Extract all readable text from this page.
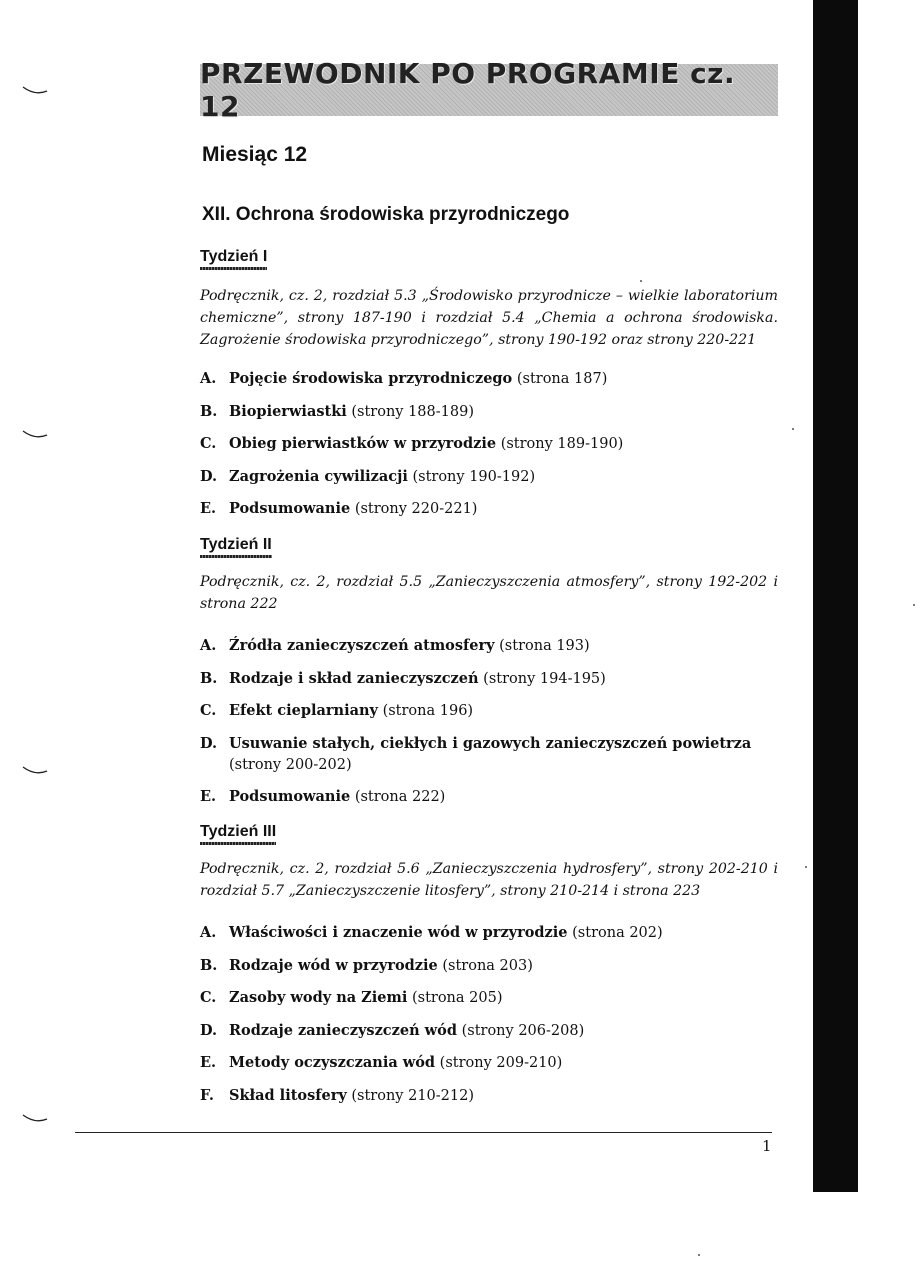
PRZEWODNIK PO PROGRAMIE cz. 12
Miesiąc 12
XII. Ochrona środowiska przyrodniczego
Tydzień I

Podręcznik, cz. 2, rozdział 5.3 „Środowisko przyrodnicze – wielkie laboratorium chemiczne”, strony 187-190 i rozdział 5.4 „Chemia a ochrona środowiska. Zagrożenie środowiska przyrodniczego”, strony 190-192 oraz strony 220-221

A. Pojęcie środowiska przyrodniczego (strona 187)
B. Biopierwiastki (strony 188-189)
C. Obieg pierwiastków w przyrodzie (strony 189-190)
D. Zagrożenia cywilizacji (strony 190-192)
E. Podsumowanie (strony 220-221)
Tydzień II

Podręcznik, cz. 2, rozdział 5.5 „Zanieczyszczenia atmosfery”, strony 192-202 i strona 222

A. Źródła zanieczyszczeń atmosfery (strona 193)
B. Rodzaje i skład zanieczyszczeń (strony 194-195)
C. Efekt cieplarniany (strona 196)
D. Usuwanie stałych, ciekłych i gazowych zanieczyszczeń powietrza (strony 200-202)
E. Podsumowanie (strona 222)
Tydzień III

Podręcznik, cz. 2, rozdział 5.6 „Zanieczyszczenia hydrosfery”, strony 202-210 i rozdział 5.7 „Zanieczyszczenie litosfery”, strony 210-214 i strona 223

A. Właściwości i znaczenie wód w przyrodzie (strona 202)
B. Rodzaje wód w przyrodzie (strona 203)
C. Zasoby wody na Ziemi (strona 205)
D. Rodzaje zanieczyszczeń wód (strony 206-208)
E. Metody oczyszczania wód (strony 209-210)
F. Skład litosfery (strony 210-212)
1
